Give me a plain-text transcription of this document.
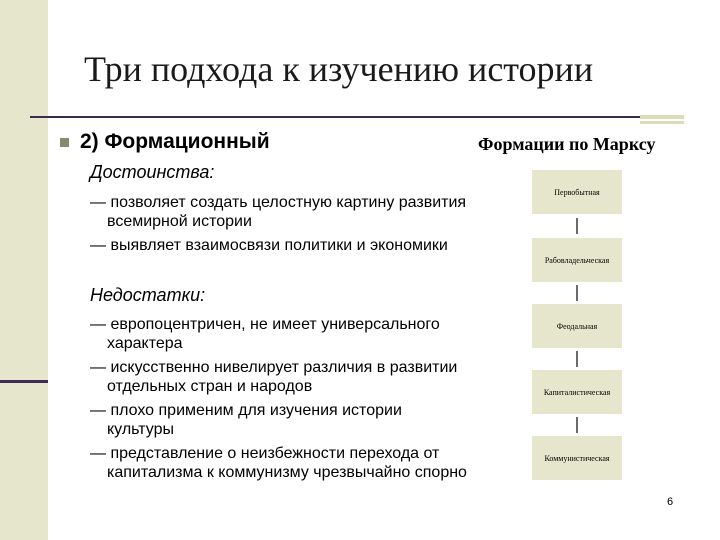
Три подхода к изучению истории
2) Формационный
Достоинства:
— позволяет создать целостную картину развития всемирной истории
— выявляет взаимосвязи политики и экономики
Недостатки:
— европоцентричен, не имеет универсального характера
— искусственно нивелирует различия в развитии отдельных стран и народов
— плохо применим для изучения истории культуры
— представление о неизбежности перехода от капитализма к коммунизму чрезвычайно спорно
Формации по Марксу
Первобытная
Рабовладельческая
Феодальная
Капиталистическая
Коммунистическая
6
